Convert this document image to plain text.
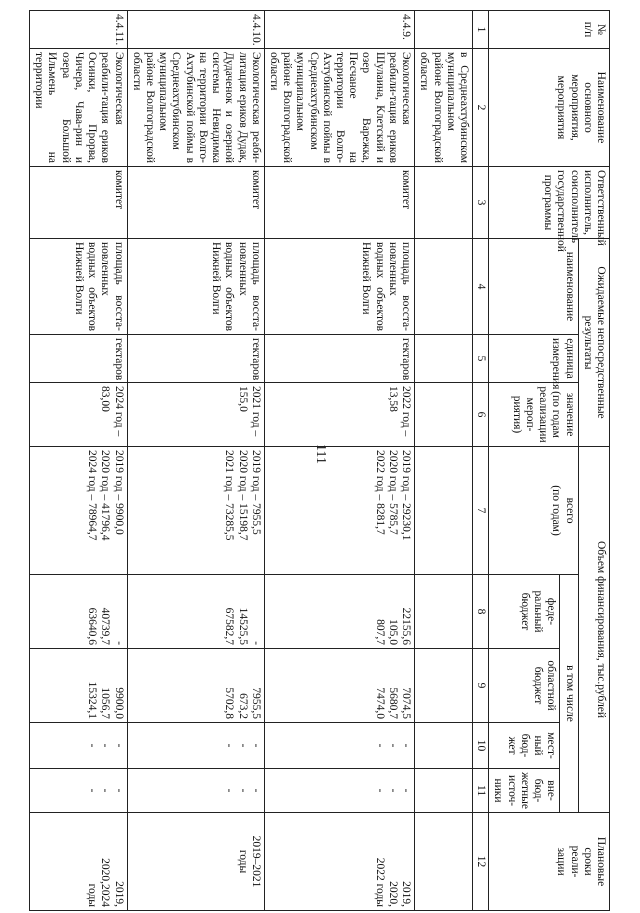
111
№
п/п	Наименование
основного мероприятия,
мероприятия	Ответственный
исполнитель,
соисполнитель
государственной
программы	Ожидаемые непосредственные результаты			Объем финансирования, тыс.рублей					Плановые
сроки
реали-
зации
			наименование	единица
измерения	значение
(по годам
реализации
мероп-
риятия)	всего
(по годам)	в том числе				
							феде-
ральный
бюджет	областной
бюджет	мест-
ный
бюд-
жет	вне-
бюд-
жетные
источ-
ники	
1	2	3	4	5	6	7	8	9	10	11	12
	в Среднеахтубинском муниципальном районе Волгоградской области										
4.4.9.	Экологическая реабили-тация ериков Шулаина, Клетский и озер Варежка, Песчаное на территории Волго-Ахтубинской поймы в Среднеахтубинском муниципальном районе Волгоградской области	комитет	площадь восста-новленных водных объектов Нижней Волги	гектаров	2022 год – 13,58	2019 год – 29230,1
2020 год – 5785,7
2022 год – 8281,7	22155,6
105,0
807,7	7074,5
5680,7
7474,0	-
-
-	-
-
-	2019,
2020,
2022 годы
4.4.10.	Экологическая реаби-литация ериков Дудак, Дудаченок и озерной системы Невидимка на территории Волго-Ахтубинской поймы в Среднеахтубинском муниципальном районе Волгоградской области	комитет	площадь восста-новленных водных объектов Нижней Волги	гектаров	2021 год – 155,0	2019 год – 7955,5
2020 год – 15198,7
2021 год – 73285,5	-
14525,5
67582,7	7955,5
673,2
5702,8	-
-
-	-
-
-	2019–2021
годы
4.4.11.	Экологическая реабили-тация ериков Осинки, Прорва, Чичера, Чава-рин и озера Большой Ильмень на территории	комитет	площадь восста-новленных водных объектов Нижней Волги	гектаров	2024 год – 83,00	2019 год – 9900,0
2020 год – 41796,4
2024 год – 78964,7	-
40739,7
63640,6	9900,0
1056,7
15324,1	-
-
-	-
-
-	2019,
2020,2024
годы
